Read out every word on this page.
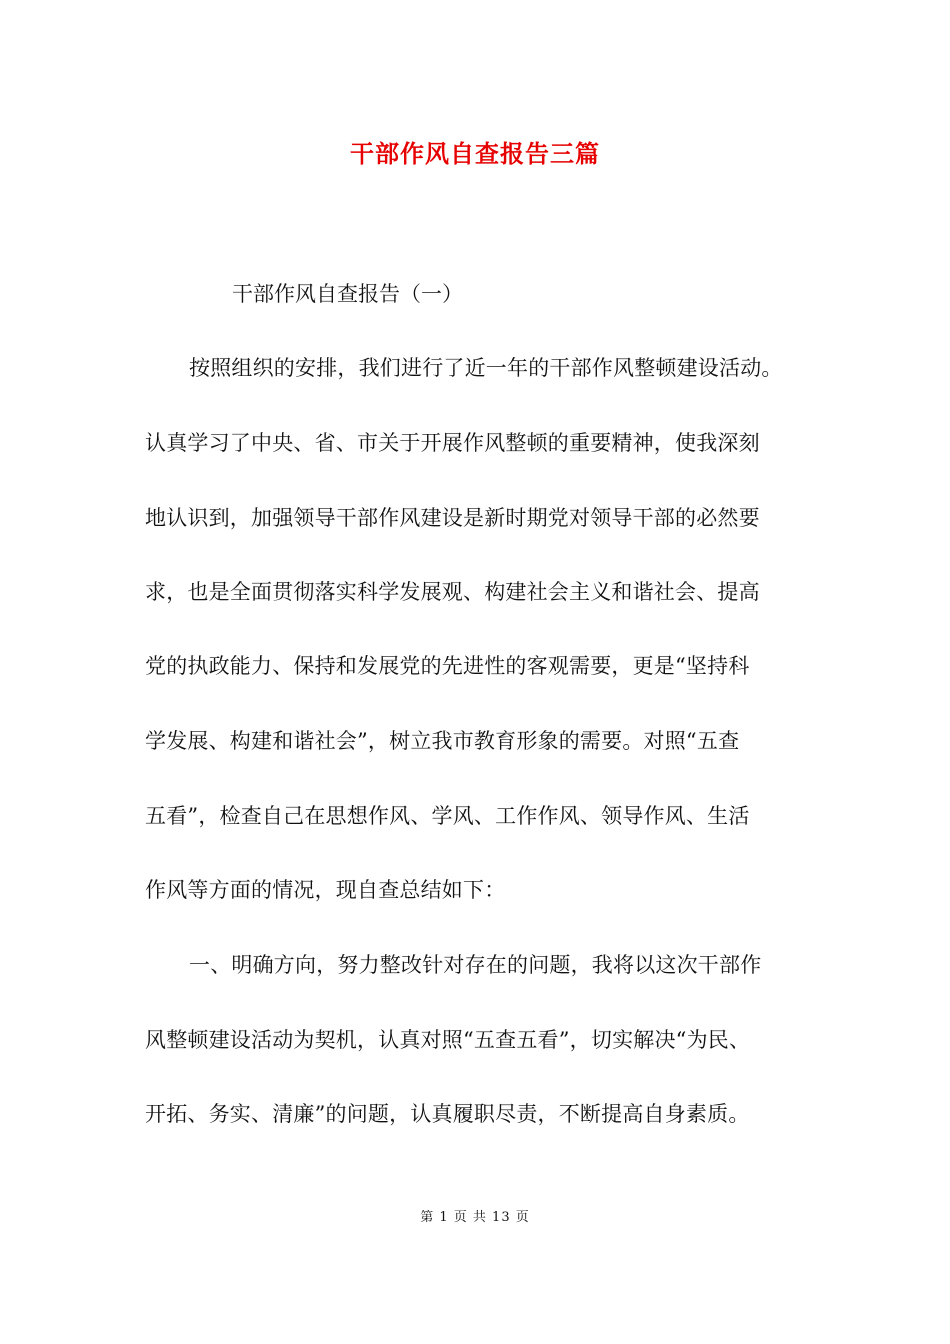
干部作风自查报告三篇
干部作风自查报告（一）
按照组织的安排，我们进行了近一年的干部作风整顿建设活动。
认真学习了中央、省、市关于开展作风整顿的重要精神，使我深刻
地认识到，加强领导干部作风建设是新时期党对领导干部的必然要
求，也是全面贯彻落实科学发展观、构建社会主义和谐社会、提高
党的执政能力、保持和发展党的先进性的客观需要，更是“坚持科
学发展、构建和谐社会”，树立我市教育形象的需要。对照“五查
五看”，检查自己在思想作风、学风、工作作风、领导作风、生活
作风等方面的情况，现自查总结如下：
一、明确方向，努力整改针对存在的问题，我将以这次干部作
风整顿建设活动为契机，认真对照“五查五看”，切实解决“为民、
开拓、务实、清廉”的问题，认真履职尽责，不断提高自身素质。
第 1 页 共 13 页
